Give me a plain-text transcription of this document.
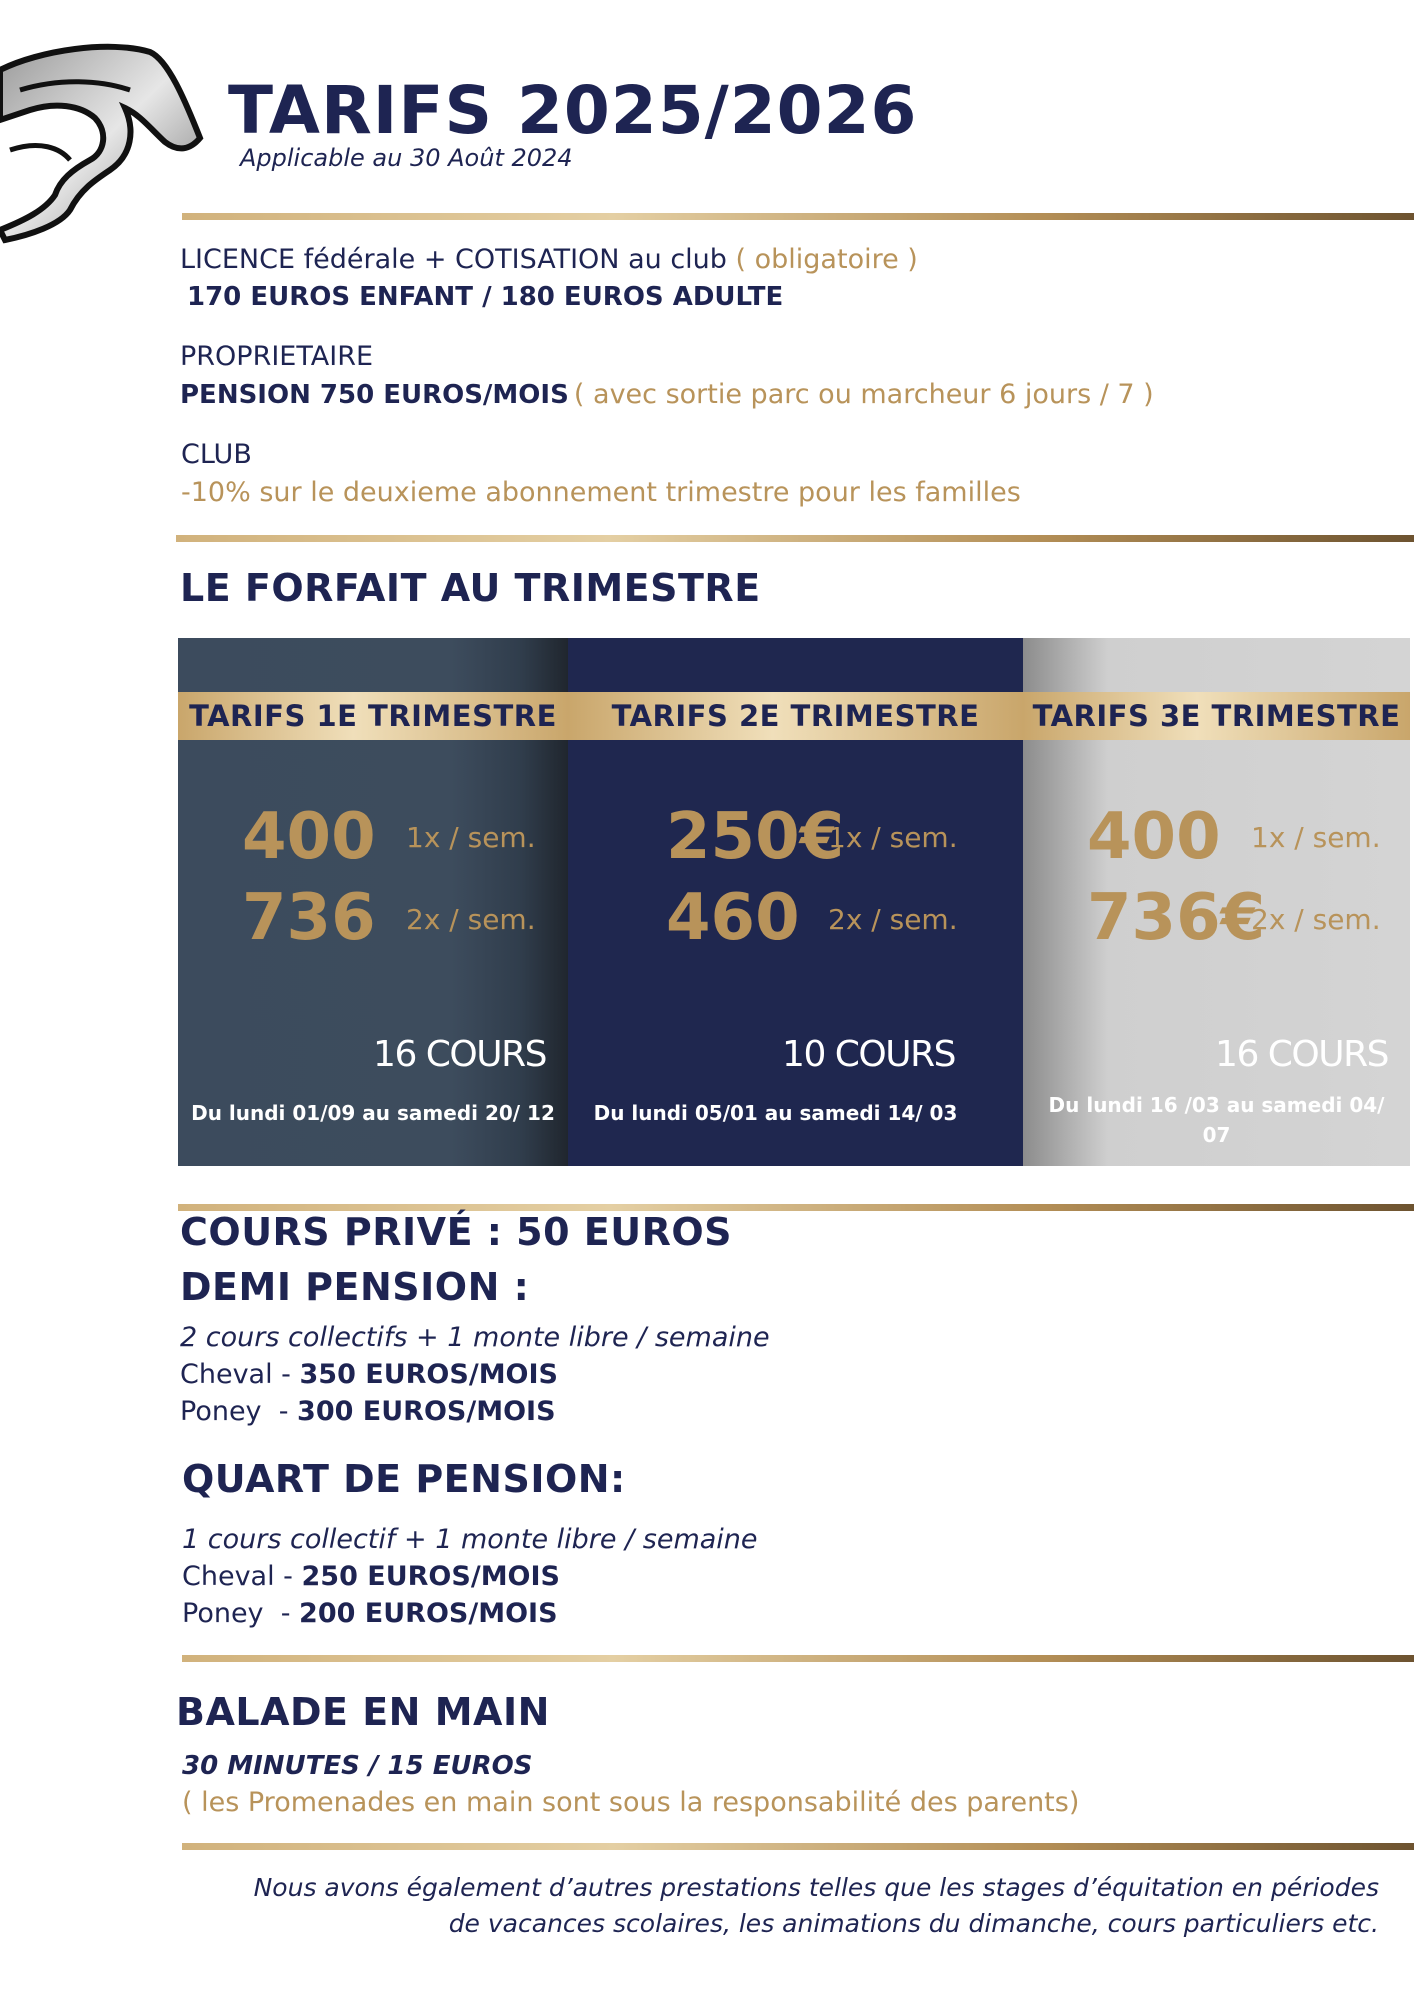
TARIFS 2025/2026
Applicable au 30 Août 2024
LICENCE fédérale + COTISATION au club ( obligatoire )
170 EUROS ENFANT / 180 EUROS ADULTE
PROPRIETAIRE
PENSION 750 EUROS/MOIS ( avec sortie parc ou marcheur 6 jours / 7 )
CLUB
-10% sur le deuxieme abonnement trimestre pour les familles
LE FORFAIT AU TRIMESTRE
TARIFS 1E TRIMESTRE
400 1x / sem.
736 2x / sem.
16 COURS
Du lundi 01/09 au samedi 20/ 12
TARIFS 2E TRIMESTRE
250€
1x / sem.
460 2x / sem.
10 COURS
Du lundi 05/01 au samedi 14/ 03
TARIFS 3E TRIMESTRE
400 1x / sem.
736€
2x / sem.
16 COURS
Du lundi 16 /03 au samedi 04/ 07
COURS PRIVÉ : 50 EUROS
DEMI PENSION :
2 cours collectifs + 1 monte libre / semaine
Cheval - 350 EUROS/MOIS
Poney  - 300 EUROS/MOIS
QUART DE PENSION:
1 cours collectif + 1 monte libre / semaine
Cheval - 250 EUROS/MOIS
Poney  - 200 EUROS/MOIS
BALADE EN MAIN
30 MINUTES / 15 EUROS
( les Promenades en main sont sous la responsabilité des parents)
Nous avons également d’autres prestations telles que les stages d’équitation en périodes
de vacances scolaires, les animations du dimanche, cours particuliers etc.
